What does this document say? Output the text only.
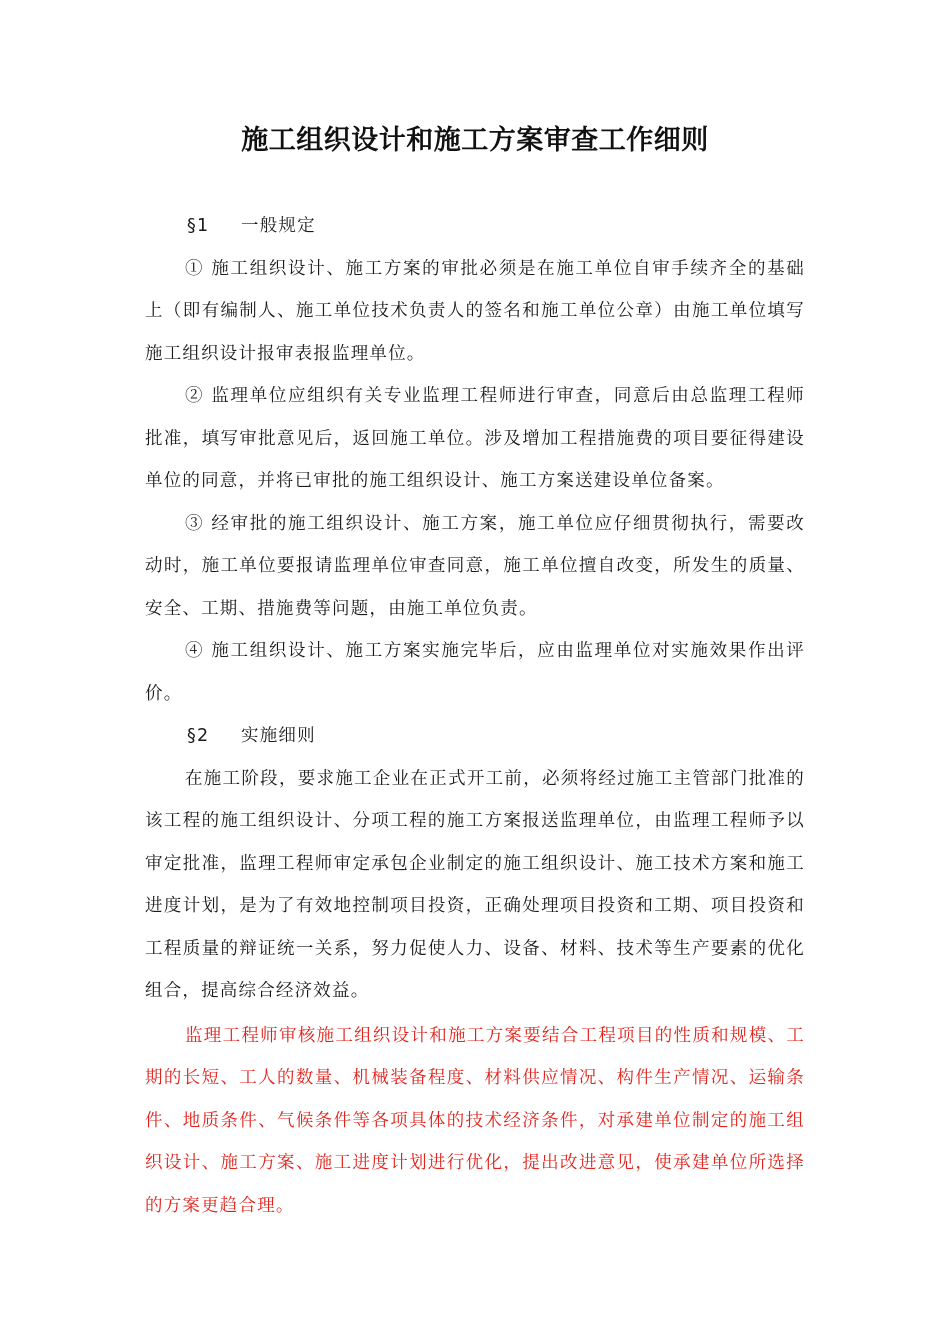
施工组织设计和施工方案审查工作细则
§1 一般规定

① 施工组织设计、施工方案的审批必须是在施工单位自审手续齐全的基础上（即有编制人、施工单位技术负责人的签名和施工单位公章）由施工单位填写施工组织设计报审表报监理单位。

② 监理单位应组织有关专业监理工程师进行审查，同意后由总监理工程师批准，填写审批意见后，返回施工单位。涉及增加工程措施费的项目要征得建设单位的同意，并将已审批的施工组织设计、施工方案送建设单位备案。

③ 经审批的施工组织设计、施工方案，施工单位应仔细贯彻执行，需要改动时，施工单位要报请监理单位审查同意，施工单位擅自改变，所发生的质量、安全、工期、措施费等问题，由施工单位负责。

④ 施工组织设计、施工方案实施完毕后，应由监理单位对实施效果作出评价。

§2 实施细则

在施工阶段，要求施工企业在正式开工前，必须将经过施工主管部门批准的该工程的施工组织设计、分项工程的施工方案报送监理单位，由监理工程师予以审定批准，监理工程师审定承包企业制定的施工组织设计、施工技术方案和施工进度计划，是为了有效地控制项目投资，正确处理项目投资和工期、项目投资和工程质量的辩证统一关系，努力促使人力、设备、材料、技术等生产要素的优化组合，提高综合经济效益。

监理工程师审核施工组织设计和施工方案要结合工程项目的性质和规模、工期的长短、工人的数量、机械装备程度、材料供应情况、构件生产情况、运输条件、地质条件、气候条件等各项具体的技术经济条件，对承建单位制定的施工组织设计、施工方案、施工进度计划进行优化，提出改进意见，使承建单位所选择的方案更趋合理。
